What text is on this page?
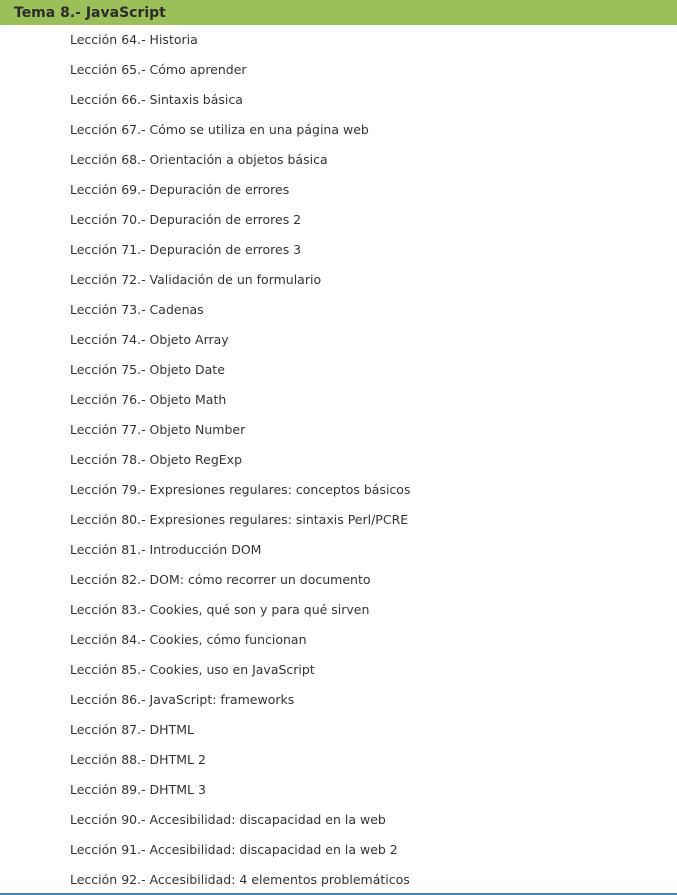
Tema 8.- JavaScript
Lección 64.- Historia
Lección 65.- Cómo aprender
Lección 66.- Sintaxis básica
Lección 67.- Cómo se utiliza en una página web
Lección 68.- Orientación a objetos básica
Lección 69.- Depuración de errores
Lección 70.- Depuración de errores 2
Lección 71.- Depuración de errores 3
Lección 72.- Validación de un formulario
Lección 73.- Cadenas
Lección 74.- Objeto Array
Lección 75.- Objeto Date
Lección 76.- Objeto Math
Lección 77.- Objeto Number
Lección 78.- Objeto RegExp
Lección 79.- Expresiones regulares: conceptos básicos
Lección 80.- Expresiones regulares: sintaxis Perl/PCRE
Lección 81.- Introducción DOM
Lección 82.- DOM: cómo recorrer un documento
Lección 83.- Cookies, qué son y para qué sirven
Lección 84.- Cookies, cómo funcionan
Lección 85.- Cookies, uso en JavaScript
Lección 86.- JavaScript: frameworks
Lección 87.- DHTML
Lección 88.- DHTML 2
Lección 89.- DHTML 3
Lección 90.- Accesibilidad: discapacidad en la web
Lección 91.- Accesibilidad: discapacidad en la web 2
Lección 92.- Accesibilidad: 4 elementos problemáticos
